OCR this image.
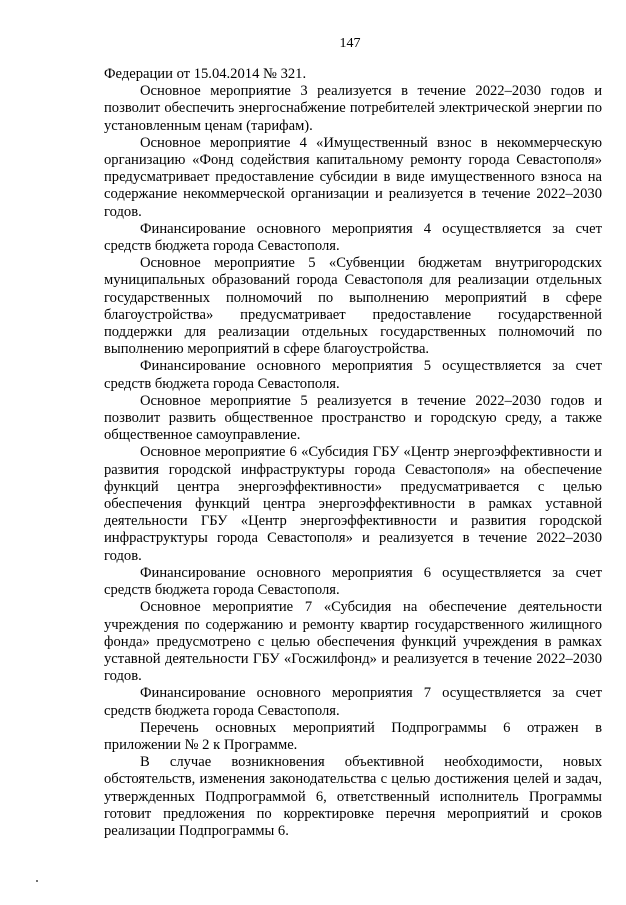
147

Федерации от 15.04.2014 № 321.

Основное мероприятие 3 реализуется в течение 2022–2030 годов и позволит обеспечить энергоснабжение потребителей электрической энергии по установленным ценам (тарифам).

Основное мероприятие 4 «Имущественный взнос в некоммерческую организацию «Фонд содействия капитальному ремонту города Севастополя» предусматривает предоставление субсидии в виде имущественного взноса на содержание некоммерческой организации и реализуется в течение 2022–2030 годов.

Финансирование основного мероприятия 4 осуществляется за счет средств бюджета города Севастополя.

Основное мероприятие 5 «Субвенции бюджетам внутригородских муниципальных образований города Севастополя для реализации отдельных государственных полномочий по выполнению мероприятий в сфере благоустройства» предусматривает предоставление государственной поддержки для реализации отдельных государственных полномочий по выполнению мероприятий в сфере благоустройства.

Финансирование основного мероприятия 5 осуществляется за счет средств бюджета города Севастополя.

Основное мероприятие 5 реализуется в течение 2022–2030 годов и позволит развить общественное пространство и городскую среду, а также общественное самоуправление.

Основное мероприятие 6 «Субсидия ГБУ «Центр энергоэффективности и развития городской инфраструктуры города Севастополя» на обеспечение функций центра энергоэффективности» предусматривается с целью обеспечения функций центра энергоэффективности в рамках уставной деятельности ГБУ «Центр энергоэффективности и развития городской инфраструктуры города Севастополя» и реализуется в течение 2022–2030 годов.

Финансирование основного мероприятия 6 осуществляется за счет средств бюджета города Севастополя.

Основное мероприятие 7 «Субсидия на обеспечение деятельности учреждения по содержанию и ремонту квартир государственного жилищного фонда» предусмотрено с целью обеспечения функций учреждения в рамках уставной деятельности ГБУ «Госжилфонд» и реализуется в течение 2022–2030 годов.

Финансирование основного мероприятия 7 осуществляется за счет средств бюджета города Севастополя.

Перечень основных мероприятий Подпрограммы 6 отражен в приложении № 2 к Программе.

В случае возникновения объективной необходимости, новых обстоятельств, изменения законодательства с целью достижения целей и задач, утвержденных Подпрограммой 6, ответственный исполнитель Программы готовит предложения по корректировке перечня мероприятий и сроков реализации Подпрограммы 6.
